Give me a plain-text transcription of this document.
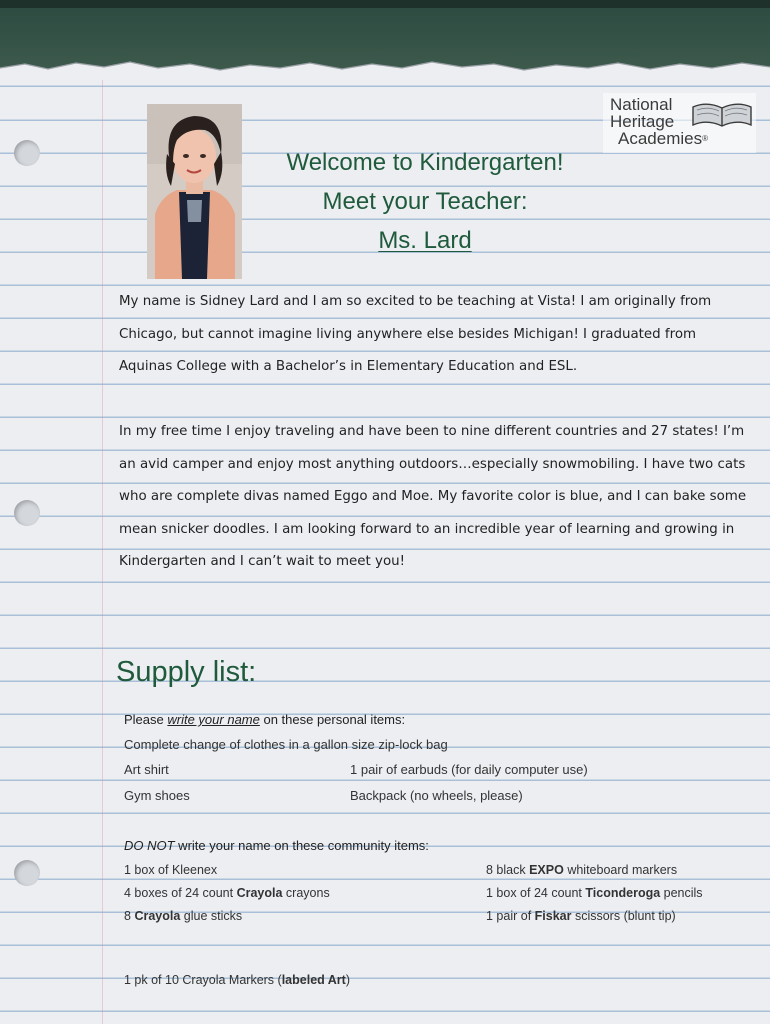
National
Heritage
Academies®
Welcome to Kindergarten!
Meet your Teacher:
Ms. Lard

My name is Sidney Lard and I am so excited to be teaching at Vista! I am originally from Chicago, but cannot imagine living anywhere else besides Michigan! I graduated from Aquinas College with a Bachelor’s in Elementary Education and ESL.

In my free time I enjoy traveling and have been to nine different countries and 27 states! I’m an avid camper and enjoy most anything outdoors…especially snowmobiling. I have two cats who are complete divas named Eggo and Moe. My favorite color is blue, and I can bake some mean snicker doodles. I am looking forward to an incredible year of learning and growing in Kindergarten and I can’t wait to meet you!

Supply list:
Please write your name on these personal items:
Complete change of clothes in a gallon size zip-lock bag
Art shirt	1 pair of earbuds (for daily computer use)
Gym shoes	Backpack (no wheels, please)
DO NOT write your name on these community items:
1 box of Kleenex	8 black EXPO whiteboard markers
4 boxes of 24 count Crayola crayons	1 box of 24 count Ticonderoga pencils
8 Crayola glue sticks	1 pair of Fiskar scissors (blunt tip)
1 pk of 10 Crayola Markers (labeled Art)
